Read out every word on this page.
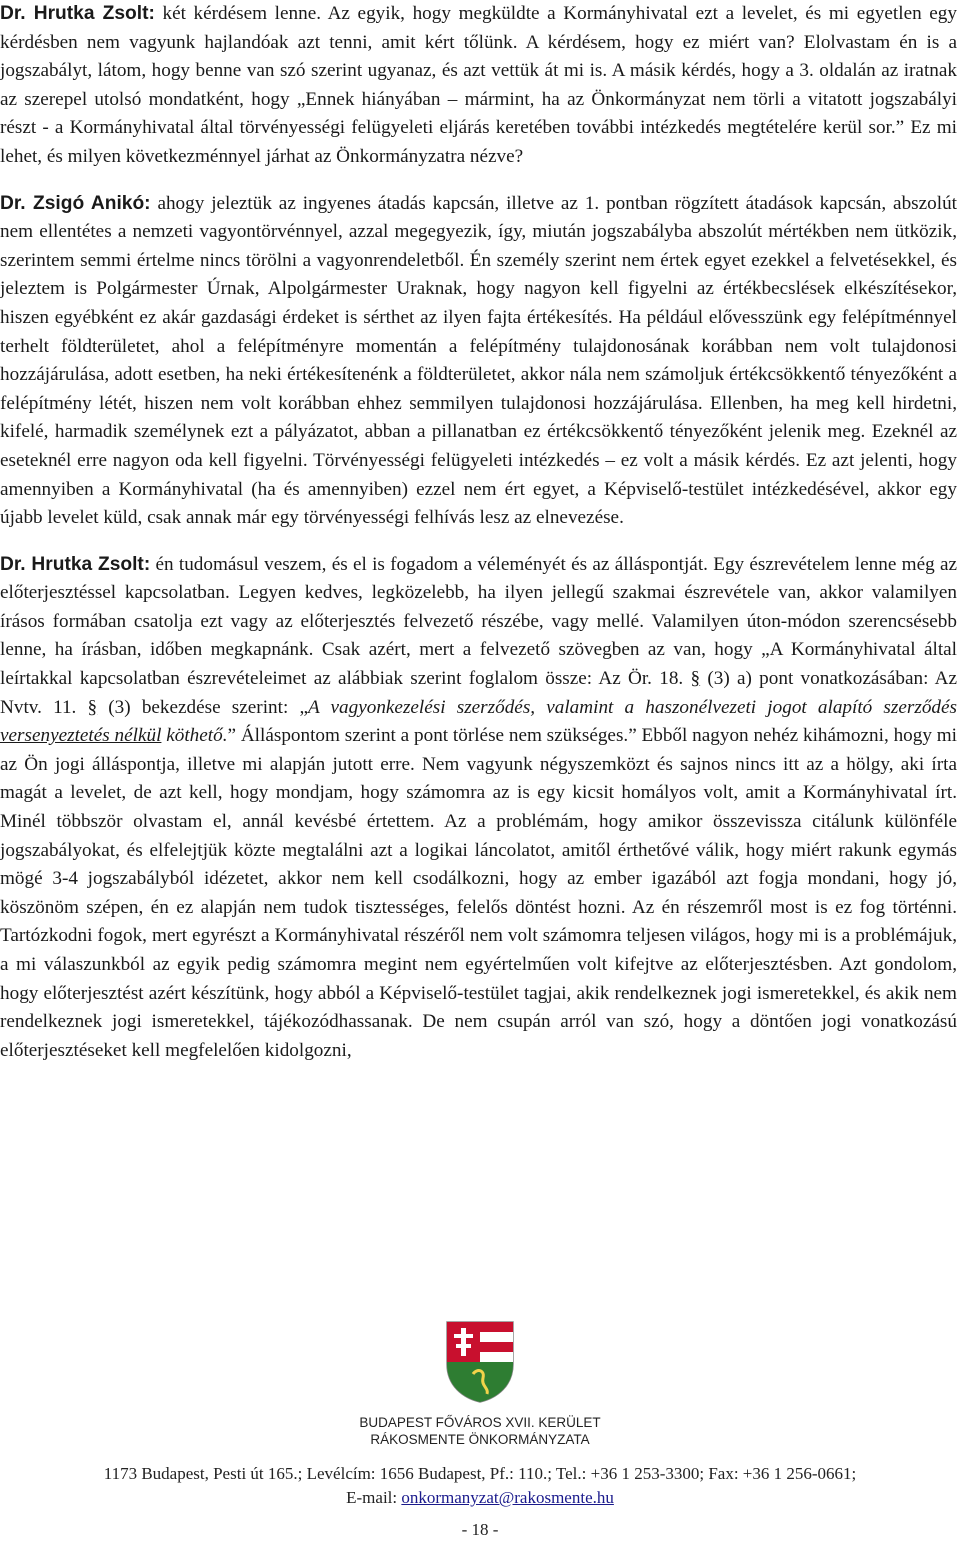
Dr. Hrutka Zsolt: két kérdésem lenne. Az egyik, hogy megküldte a Kormányhivatal ezt a levelet, és mi egyetlen egy kérdésben nem vagyunk hajlandóak azt tenni, amit kért tőlünk. A kérdésem, hogy ez miért van? Elolvastam én is a jogszabályt, látom, hogy benne van szó szerint ugyanaz, és azt vettük át mi is. A másik kérdés, hogy a 3. oldalán az iratnak az szerepel utolsó mondatként, hogy „Ennek hiányában – mármint, ha az Önkormányzat nem törli a vitatott jogszabályi részt - a Kormányhivatal által törvényességi felügyeleti eljárás keretében további intézkedés megtételére kerül sor.” Ez mi lehet, és milyen következménnyel járhat az Önkormányzatra nézve?

Dr. Zsigó Anikó: ahogy jeleztük az ingyenes átadás kapcsán, illetve az 1. pontban rögzített átadások kapcsán, abszolút nem ellentétes a nemzeti vagyontörvénnyel, azzal megegyezik, így, miután jogszabályba abszolút mértékben nem ütközik, szerintem semmi értelme nincs törölni a vagyonrendeletből. Én személy szerint nem értek egyet ezekkel a felvetésekkel, és jeleztem is Polgármester Úrnak, Alpolgármester Uraknak, hogy nagyon kell figyelni az értékbecslések elkészítésekor, hiszen egyébként ez akár gazdasági érdeket is sérthet az ilyen fajta értékesítés. Ha például elővesszünk egy felépítménnyel terhelt földterületet, ahol a felépítményre momentán a felépítmény tulajdonosának korábban nem volt tulajdonosi hozzájárulása, adott esetben, ha neki értékesítenénk a földterületet, akkor nála nem számoljuk értékcsökkentő tényezőként a felépítmény létét, hiszen nem volt korábban ehhez semmilyen tulajdonosi hozzájárulása. Ellenben, ha meg kell hirdetni, kifelé, harmadik személynek ezt a pályázatot, abban a pillanatban ez értékcsökkentő tényezőként jelenik meg. Ezeknél az eseteknél erre nagyon oda kell figyelni. Törvényességi felügyeleti intézkedés – ez volt a másik kérdés. Ez azt jelenti, hogy amennyiben a Kormányhivatal (ha és amennyiben) ezzel nem ért egyet, a Képviselő-testület intézkedésével, akkor egy újabb levelet küld, csak annak már egy törvényességi felhívás lesz az elnevezése.

Dr. Hrutka Zsolt: én tudomásul veszem, és el is fogadom a véleményét és az álláspontját. Egy észrevételem lenne még az előterjesztéssel kapcsolatban. Legyen kedves, legközelebb, ha ilyen jellegű szakmai észrevétele van, akkor valamilyen írásos formában csatolja ezt vagy az előterjesztés felvezető részébe, vagy mellé. Valamilyen úton-módon szerencsésebb lenne, ha írásban, időben megkapnánk. Csak azért, mert a felvezető szövegben az van, hogy „A Kormányhivatal által leírtakkal kapcsolatban észrevételeimet az alábbiak szerint foglalom össze: Az Ör. 18. § (3) a) pont vonatkozásában: Az Nvtv. 11. § (3) bekezdése szerint: „A vagyonkezelési szerződés, valamint a haszonélvezeti jogot alapító szerződés versenyeztetés nélkül köthető.” Álláspontom szerint a pont törlése nem szükséges.” Ebből nagyon nehéz kihámozni, hogy mi az Ön jogi álláspontja, illetve mi alapján jutott erre. Nem vagyunk négyszemközt és sajnos nincs itt az a hölgy, aki írta magát a levelet, de azt kell, hogy mondjam, hogy számomra az is egy kicsit homályos volt, amit a Kormányhivatal írt. Minél többször olvastam el, annál kevésbé értettem. Az a problémám, hogy amikor összevissza citálunk különféle jogszabályokat, és elfelejtjük közte megtalálni azt a logikai láncolatot, amitől érthetővé válik, hogy miért rakunk egymás mögé 3-4 jogszabályból idézetet, akkor nem kell csodálkozni, hogy az ember igazából azt fogja mondani, hogy jó, köszönöm szépen, én ez alapján nem tudok tisztességes, felelős döntést hozni. Az én részemről most is ez fog történni. Tartózkodni fogok, mert egyrészt a Kormányhivatal részéről nem volt számomra teljesen világos, hogy mi is a problémájuk, a mi válaszunkból az egyik pedig számomra megint nem egyértelműen volt kifejtve az előterjesztésben. Azt gondolom, hogy előterjesztést azért készítünk, hogy abból a Képviselő-testület tagjai, akik rendelkeznek jogi ismeretekkel, és akik nem rendelkeznek jogi ismeretekkel, tájékozódhassanak. De nem csupán arról van szó, hogy a döntően jogi vonatkozású előterjesztéseket kell megfelelően kidolgozni,

BUDAPEST FŐVÁROS XVII. KERÜLET
RÁKOSMENTE ÖNKORMÁNYZATA
1173 Budapest, Pesti út 165.; Levélcím: 1656 Budapest, Pf.: 110.; Tel.: +36 1 253-3300; Fax: +36 1 256-0661;
E-mail: onkormanyzat@rakosmente.hu
- 18 -
